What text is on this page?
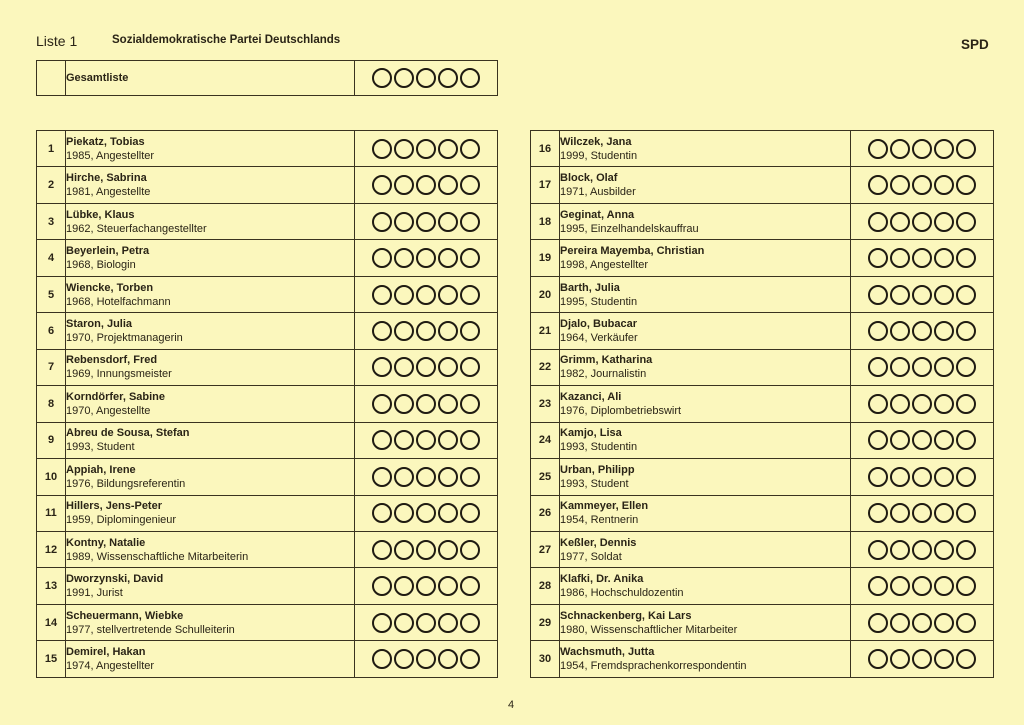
Liste 1	Sozialdemokratische Partei Deutschlands	SPD
	Gesamtliste	
1	Piekatz, Tobias
1985, Angestellter	

2	Hirche, Sabrina
1981, Angestellte	

3	Lübke, Klaus
1962, Steuerfachangestellter	

4	Beyerlein, Petra
1968, Biologin	

5	Wiencke, Torben
1968, Hotelfachmann	

6	Staron, Julia
1970, Projektmanagerin	

7	Rebensdorf, Fred
1969, Innungsmeister	

8	Korndörfer, Sabine
1970, Angestellte	

9	Abreu de Sousa, Stefan
1993, Student	

10	Appiah, Irene
1976, Bildungsreferentin	

11	Hillers, Jens-Peter
1959, Diplomingenieur	

12	Kontny, Natalie
1989, Wissenschaftliche Mitarbeiterin	

13	Dworzynski, David
1991, Jurist	

14	Scheuermann, Wiebke
1977, stellvertretende Schulleiterin	

15	Demirel, Hakan
1974, Angestellter	

16	Wilczek, Jana
1999, Studentin	

17	Block, Olaf
1971, Ausbilder	

18	Geginat, Anna
1995, Einzelhandelskauffrau	

19	Pereira Mayemba, Christian
1998, Angestellter	

20	Barth, Julia
1995, Studentin	

21	Djalo, Bubacar
1964, Verkäufer	

22	Grimm, Katharina
1982, Journalistin	

23	Kazanci, Ali
1976, Diplombetriebswirt	

24	Kamjo, Lisa
1993, Studentin	

25	Urban, Philipp
1993, Student	

26	Kammeyer, Ellen
1954, Rentnerin	

27	Keßler, Dennis
1977, Soldat	

28	Klafki, Dr. Anika
1986, Hochschuldozentin	

29	Schnackenberg, Kai Lars
1980, Wissenschaftlicher Mitarbeiter	

30	Wachsmuth, Jutta
1954, Fremdsprachenkorrespondentin	

4
